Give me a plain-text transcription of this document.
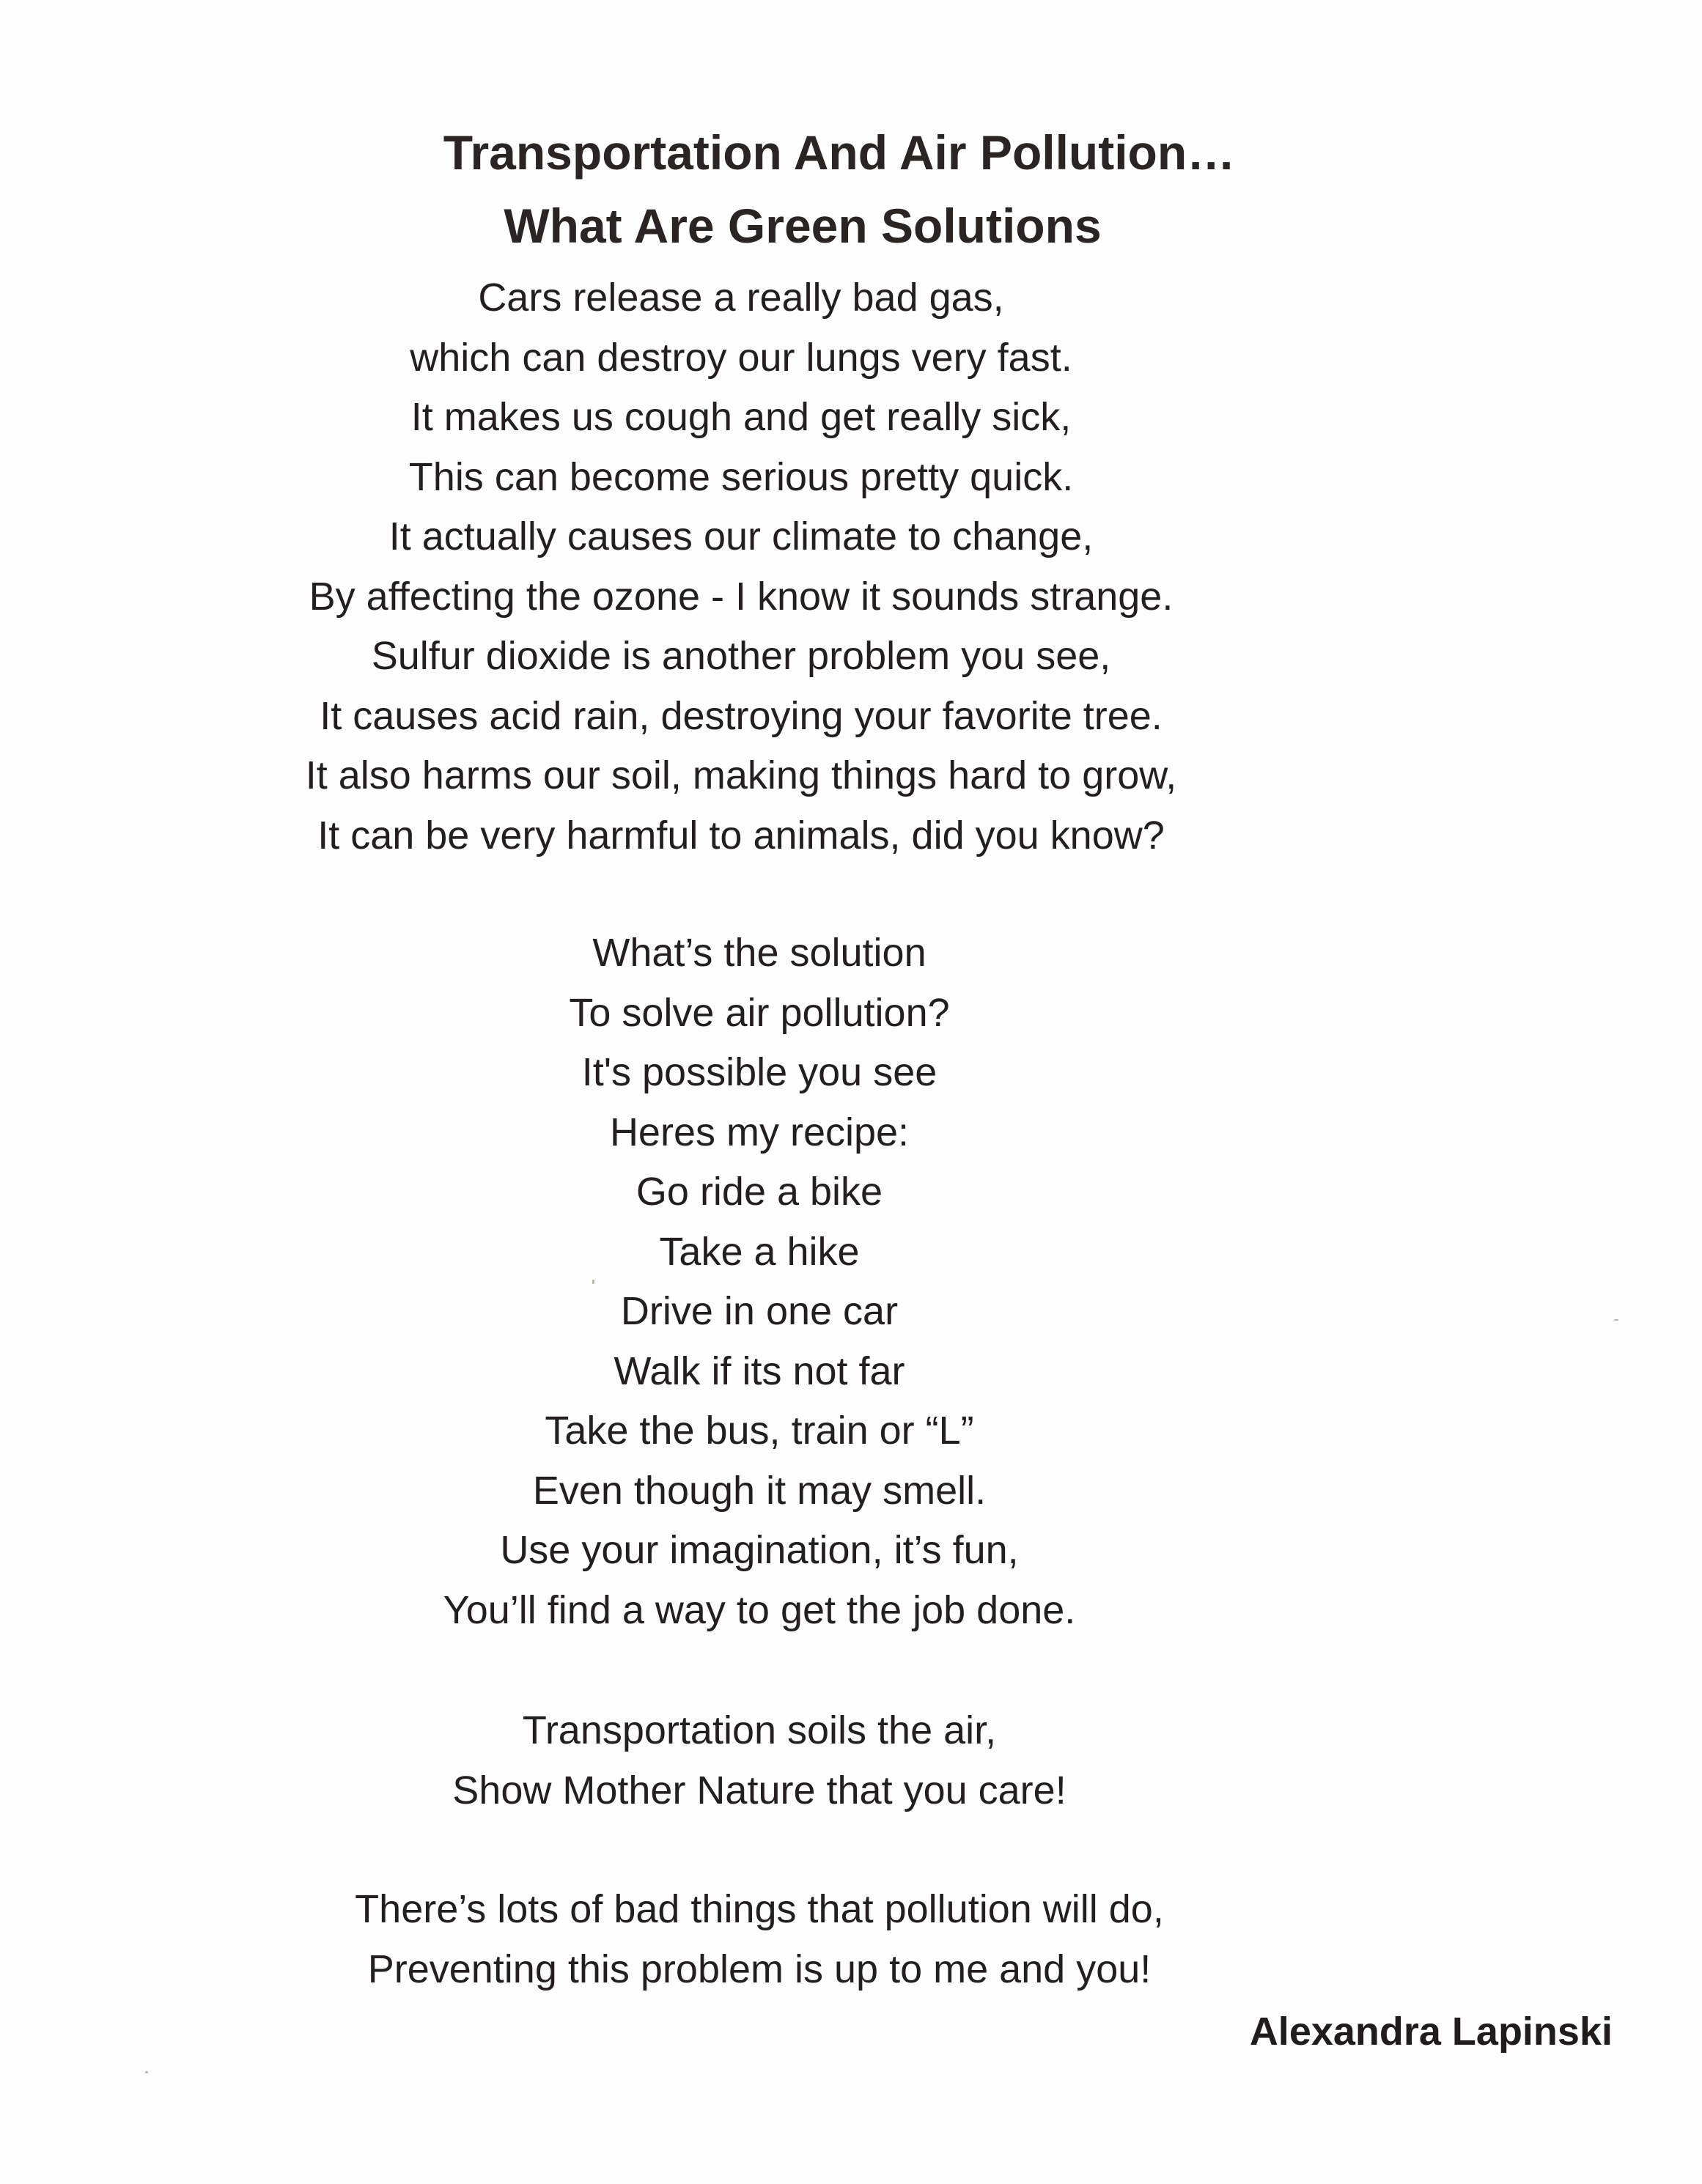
Transportation And Air Pollution…
What Are Green Solutions
Cars release a really bad gas,
which can destroy our lungs very fast.
It makes us cough and get really sick,
This can become serious pretty quick.
It actually causes our climate to change,
By affecting the ozone - I know it sounds strange.
Sulfur dioxide is another problem you see,
It causes acid rain, destroying your favorite tree.
It also harms our soil, making things hard to grow,
It can be very harmful to animals, did you know?
What’s the solution
To solve air pollution?
It's possible you see
Heres my recipe:
Go ride a bike
Take a hike
Drive in one car
Walk if its not far
Take the bus, train or “L”
Even though it may smell.
Use your imagination, it’s fun,
You’ll find a way to get the job done.
Transportation soils the air,
Show Mother Nature that you care!
There’s lots of bad things that pollution will do,
Preventing this problem is up to me and you!
Alexandra Lapinski
